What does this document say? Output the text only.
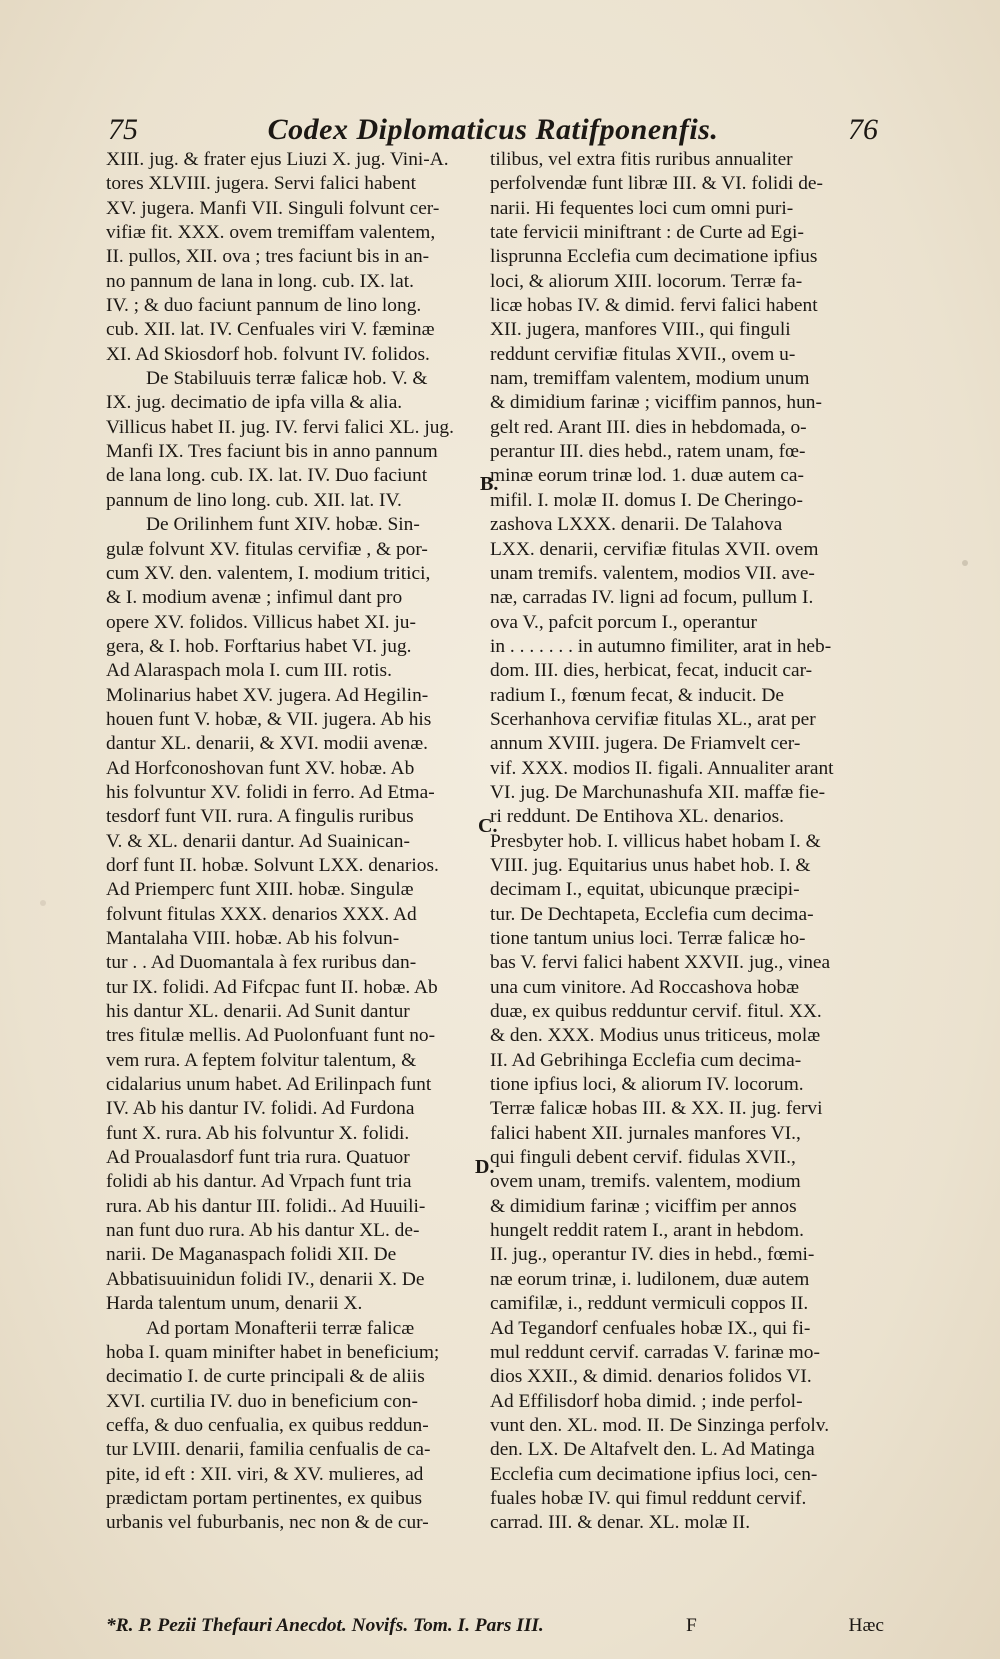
75	Codex Diplomaticus Ratifponenfis.	76
XIII. jug. & frater ejus Liuzi X. jug. Vini-A.
tores XLVIII. jugera. Servi falici habent
XV. jugera. Manfi VII. Singuli folvunt cer-
vifiæ fit. XXX. ovem tremiffam valentem,
II. pullos, XII. ova ; tres faciunt bis in an-
no pannum de lana in long. cub. IX. lat.
IV. ; & duo faciunt pannum de lino long.
cub. XII. lat. IV. Cenfuales viri V. fæminæ
XI. Ad Skiosdorf hob. folvunt IV. folidos.
De Stabiluuis terræ falicæ hob. V. &
IX. jug. decimatio de ipfa villa & alia.
Villicus habet II. jug. IV. fervi falici XL. jug.
Manfi IX. Tres faciunt bis in anno pannum
de lana long. cub. IX. lat. IV. Duo faciunt
pannum de lino long. cub. XII. lat. IV.
De Orilinhem funt XIV. hobæ. Sin-
gulæ folvunt XV. fitulas cervifiæ , & por-
cum XV. den. valentem, I. modium tritici,
& I. modium avenæ ; infimul dant pro
opere XV. folidos. Villicus habet XI. ju-
gera, & I. hob. Forftarius habet VI. jug.
Ad Alaraspach mola I. cum III. rotis.
Molinarius habet XV. jugera. Ad Hegilin-
houen funt V. hobæ, & VII. jugera. Ab his
dantur XL. denarii, & XVI. modii avenæ.
Ad Horfconoshovan funt XV. hobæ. Ab
his folvuntur XV. folidi in ferro. Ad Etma-
tesdorf funt VII. rura. A fingulis ruribus
V. & XL. denarii dantur. Ad Suainican-
dorf funt II. hobæ. Solvunt LXX. denarios.
Ad Priemperc funt XIII. hobæ. Singulæ
folvunt fitulas XXX. denarios XXX. Ad
Mantalaha VIII. hobæ. Ab his folvun-
tur . . Ad Duomantala à fex ruribus dan-
tur IX. folidi. Ad Fifcpac funt II. hobæ. Ab
his dantur XL. denarii. Ad Sunit dantur
tres fitulæ mellis. Ad Puolonfuant funt no-
vem rura. A feptem folvitur talentum, &
cidalarius unum habet. Ad Erilinpach funt
IV. Ab his dantur IV. folidi. Ad Furdona
funt X. rura. Ab his folvuntur X. folidi.
Ad Proualasdorf funt tria rura. Quatuor
folidi ab his dantur. Ad Vrpach funt tria
rura. Ab his dantur III. folidi.. Ad Huuili-
nan funt duo rura. Ab his dantur XL. de-
narii. De Maganaspach folidi XII. De
Abbatisuuinidun folidi IV., denarii X. De
Harda talentum unum, denarii X.
Ad portam Monafterii terræ falicæ
hoba I. quam minifter habet in beneficium;
decimatio I. de curte principali & de aliis
XVI. curtilia IV. duo in beneficium con-
ceffa, & duo cenfualia, ex quibus reddun-
tur LVIII. denarii, familia cenfualis de ca-
pite, id eft : XII. viri, & XV. mulieres, ad
prædictam portam pertinentes, ex quibus
urbanis vel fuburbanis, nec non & de cur-
tilibus, vel extra fitis ruribus annualiter
perfolvendæ funt libræ III. & VI. folidi de-
narii. Hi fequentes loci cum omni puri-
tate fervicii miniftrant : de Curte ad Egi-
lisprunna Ecclefia cum decimatione ipfius
loci, & aliorum XIII. locorum. Terræ fa-
licæ hobas IV. & dimid. fervi falici habent
XII. jugera, manfores VIII., qui finguli
reddunt cervifiæ fitulas XVII., ovem u-
nam, tremiffam valentem, modium unum
& dimidium farinæ ; viciffim pannos, hun-
gelt red. Arant III. dies in hebdomada, o-
perantur III. dies hebd., ratem unam, fœ-
minæ eorum trinæ lod. 1. duæ autem ca-
mifil. I. molæ II. domus I. De Cheringo-
zashova LXXX. denarii. De Talahova
LXX. denarii, cervifiæ fitulas XVII. ovem
unam tremifs. valentem, modios VII. ave-
næ, carradas IV. ligni ad focum, pullum I.
ova V., pafcit porcum I., operantur
in . . . . . . . in autumno fimiliter, arat in heb-
dom. III. dies, herbicat, fecat, inducit car-
radium I., fœnum fecat, & inducit. De
Scerhanhova cervifiæ fitulas XL., arat per
annum XVIII. jugera. De Friamvelt cer-
vif. XXX. modios II. figali. Annualiter arant
VI. jug. De Marchunashufa XII. maffæ fie-
ri reddunt. De Entihova XL. denarios.
Presbyter hob. I. villicus habet hobam I. &
VIII. jug. Equitarius unus habet hob. I. &
decimam I., equitat, ubicunque præcipi-
tur. De Dechtapeta, Ecclefia cum decima-
tione tantum unius loci. Terræ falicæ ho-
bas V. fervi falici habent XXVII. jug., vinea
una cum vinitore. Ad Roccashova hobæ
duæ, ex quibus redduntur cervif. fitul. XX.
& den. XXX. Modius unus triticeus, molæ
II. Ad Gebrihinga Ecclefia cum decima-
tione ipfius loci, & aliorum IV. locorum.
Terræ falicæ hobas III. & XX. II. jug. fervi
falici habent XII. jurnales manfores VI.,
qui finguli debent cervif. fidulas XVII.,
ovem unam, tremifs. valentem, modium
& dimidium farinæ ; viciffim per annos
hungelt reddit ratem I., arant in hebdom.
II. jug., operantur IV. dies in hebd., fœmi-
næ eorum trinæ, i. ludilonem, duæ autem
camifilæ, i., reddunt vermiculi coppos II.
Ad Tegandorf cenfuales hobæ IX., qui fi-
mul reddunt cervif. carradas V. farinæ mo-
dios XXII., & dimid. denarios folidos VI.
Ad Effilisdorf hoba dimid. ; inde perfol-
vunt den. XL. mod. II. De Sinzinga perfolv.
den. LX. De Altafvelt den. L. Ad Matinga
Ecclefia cum decimatione ipfius loci, cen-
fuales hobæ IV. qui fimul reddunt cervif.
carrad. III. & denar. XL. molæ II.
B.
C.
D.
*R. P. Pezii Thefauri Anecdot. Novifs. Tom. I. Pars III.	F	Hæc
